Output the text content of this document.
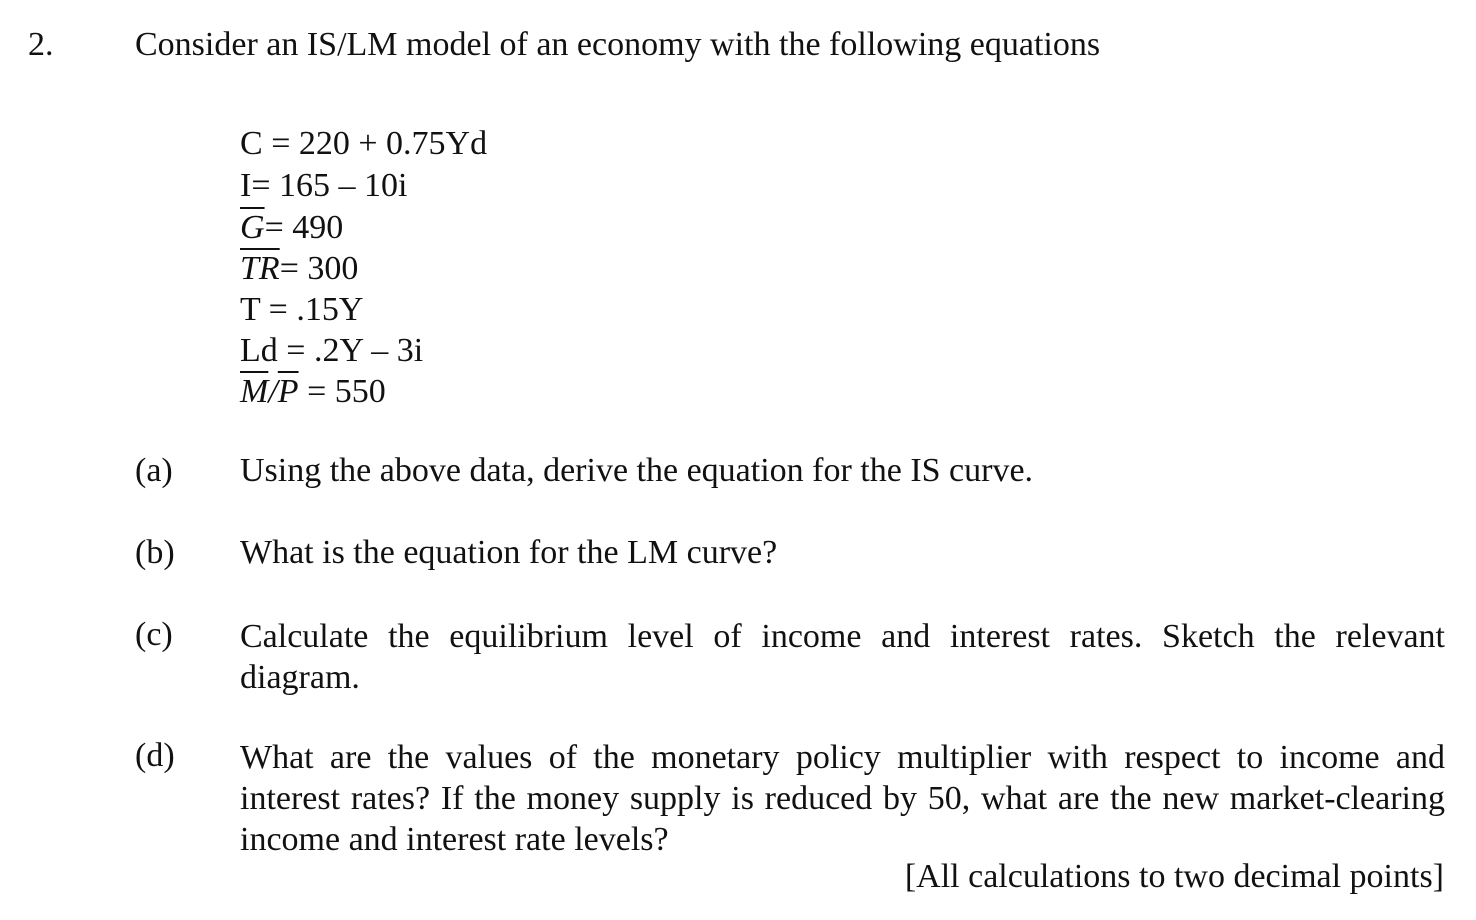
2. Consider an IS/LM model of an economy with the following equations
C = 220 + 0.75Yd
I= 165 – 10i
$\overline{G}= 490$
$\overline{TR}= 300$
T = .15Y
Ld = .2Y – 3i
$\overline{M}/\overline{P} = 550$
(a) Using the above data, derive the equation for the IS curve.
(b) What is the equation for the LM curve?
(c) Calculate the equilibrium level of income and interest rates. Sketch the relevant
diagram.
(d) What are the values of the monetary policy multiplier with respect to income and
interest rates? If the money supply is reduced by 50, what are the new market-clearing
income and interest rate levels?
[All calculations to two decimal points]
